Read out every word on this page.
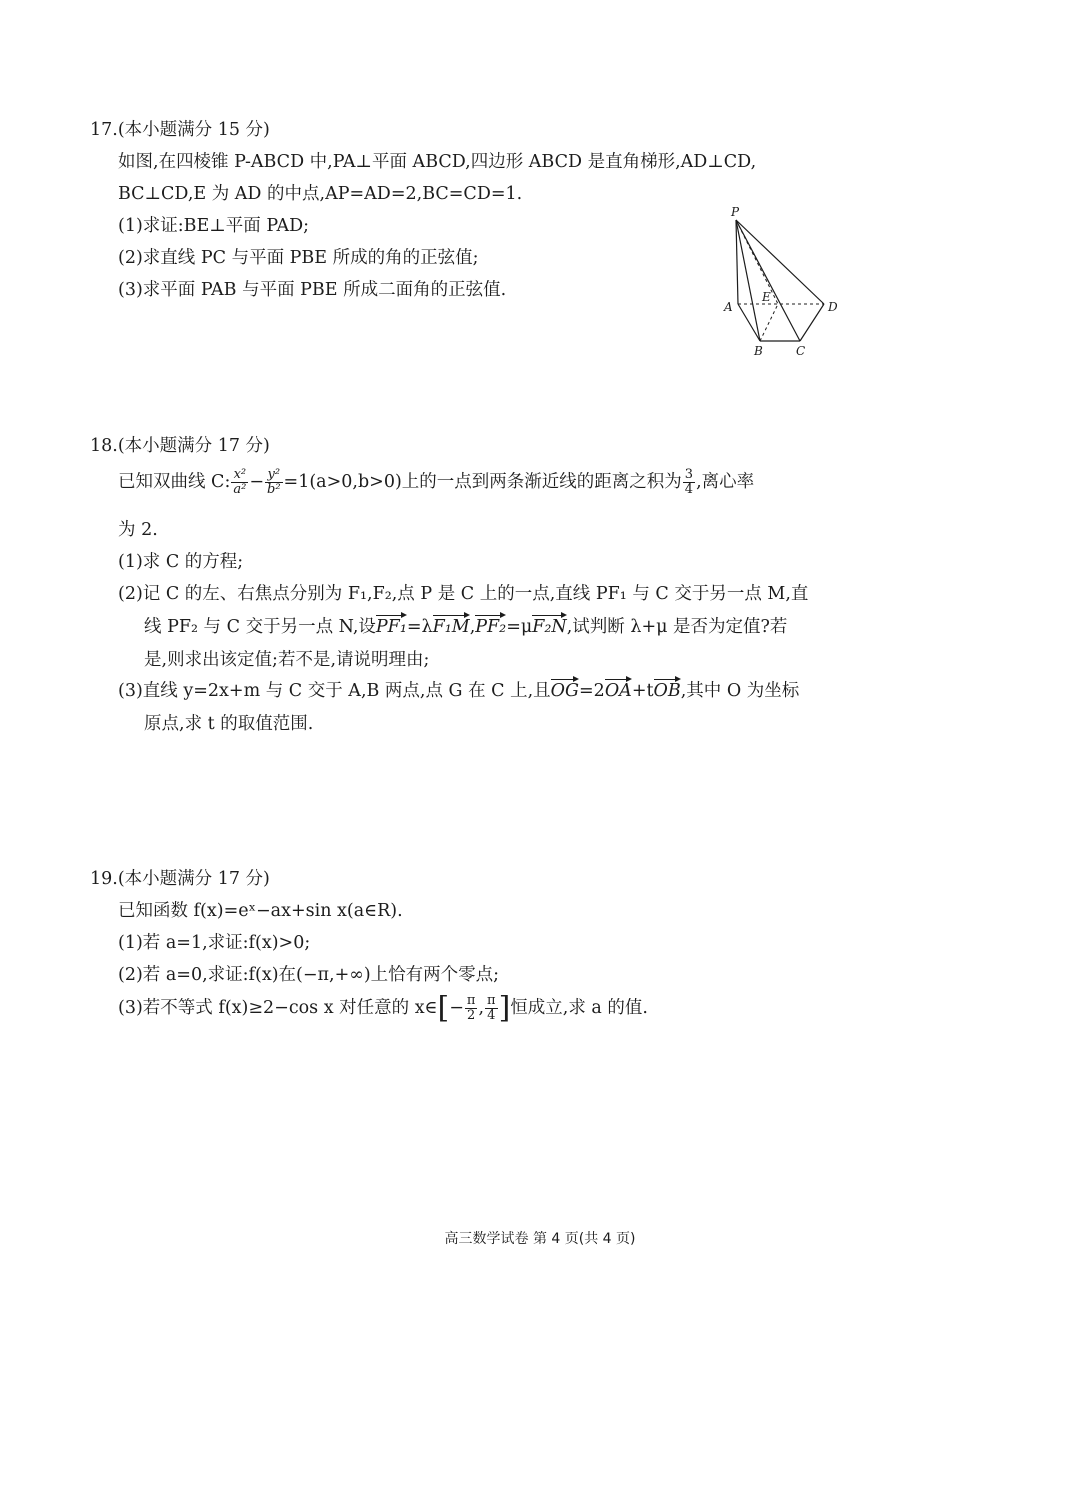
17.(本小题满分 15 分)
如图,在四棱锥 P-ABCD 中,PA⊥平面 ABCD,四边形 ABCD 是直角梯形,AD⊥CD,
BC⊥CD,E 为 AD 的中点,AP=AD=2,BC=CD=1.
(1)求证:BE⊥平面 PAD;
(2)求直线 PC 与平面 PBE 所成的角的正弦值;
(3)求平面 PAB 与平面 PBE 所成二面角的正弦值.
P
A
E
D
B	C
18.(本小题满分 17 分)
已知双曲线 C: $\frac{\text{x²}}{\text{a²}} - \frac{\text{y²}}{\text{b²}} =1(a>0,b>0)$上的一点到两条渐近线的距离之积为 $\frac{3}{4}$ ,离心率
为 2.
(1)求 C 的方程;
(2)记 C 的左、右焦点分别为 F₁,F₂,点 P 是 C 上的一点,直线 PF₁ 与 C 交于另一点 M,直
线 PF₂ 与 C 交于另一点 N,设PF₁=λF₁M,PF₂=μF₂N,试判断 λ+μ 是否为定值?若
是,则求出该定值;若不是,请说明理由;
(3)直线 y=2x+m 与 C 交于 A,B 两点,点 G 在 C 上,且OG=2OA+tOB,其中 O 为坐标
原点,求 t 的取值范围.
19.(本小题满分 17 分)
已知函数 f(x)=eˣ−ax+sin x(a∈R).
(1)若 a=1,求证:f(x)>0;
(2)若 a=0,求证:f(x)在(−π,+∞)上恰有两个零点;
(3)若不等式 f(x)≥2−cos x 对任意的 x∈[− $\frac{\pi}{2}$ , $\frac{\pi}{4}$ ]恒成立,求 a 的值.
高三数学试卷 第 4 页(共 4 页)
